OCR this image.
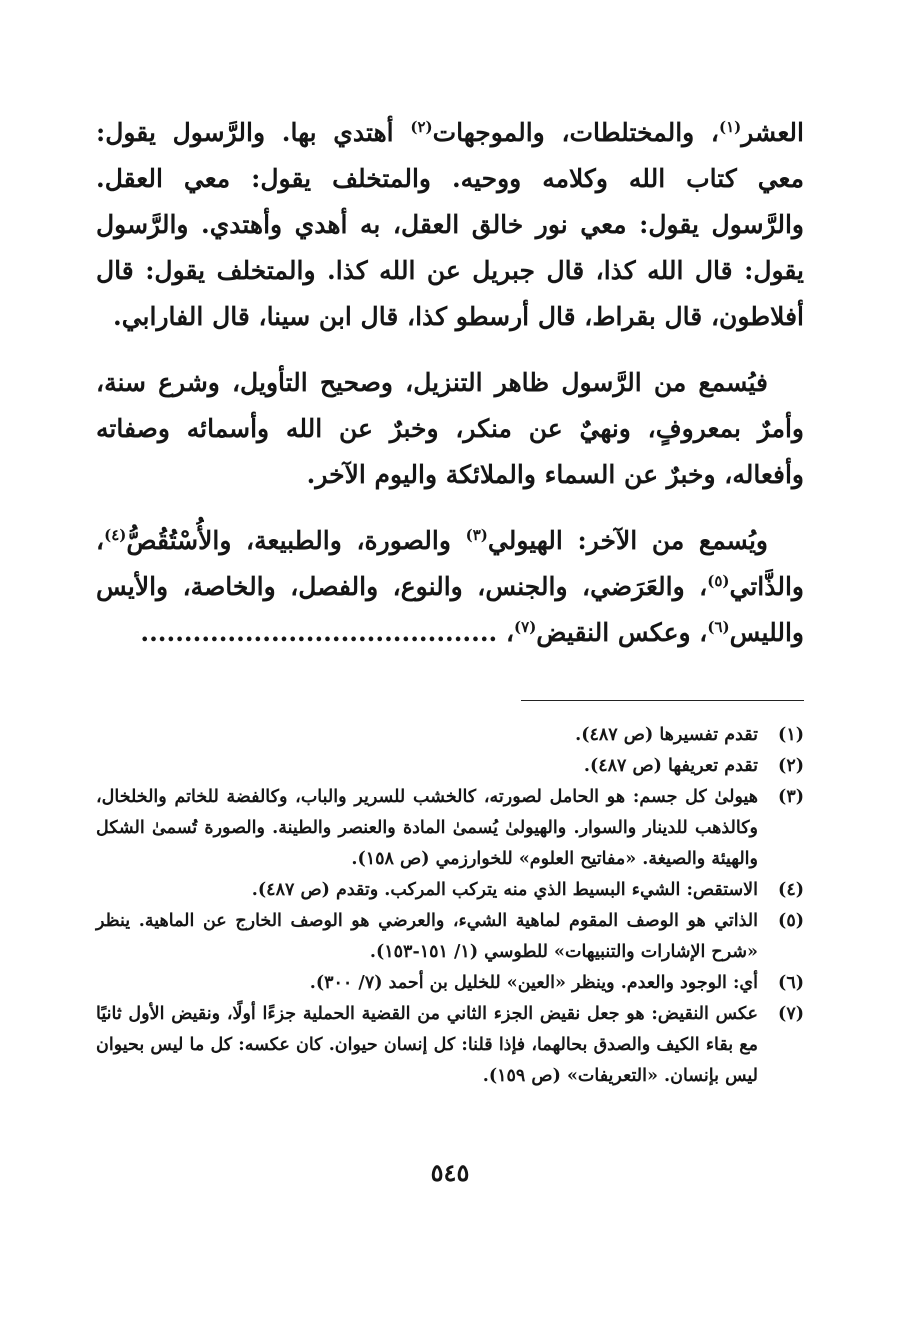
العشر$^{(١)}$، والمختلطات، والموجهات$^{(٢)}$ أهتدي بها. والرَّسول يقول: معي كتاب الله وكلامه ووحيه. والمتخلف يقول: معي العقل. والرَّسول يقول: معي نور خالق العقل، به أهدي وأهتدي. والرَّسول يقول: قال الله كذا، قال جبريل عن الله كذا. والمتخلف يقول: قال أفلاطون، قال بقراط، قال أرسطو كذا، قال ابن سينا، قال الفارابي.

فيُسمع من الرَّسول ظاهر التنزيل، وصحيح التأويل، وشرع سنة، وأمرٌ بمعروفٍ، ونهيٌ عن منكر، وخبرٌ عن الله وأسمائه وصفاته وأفعاله، وخبرٌ عن السماء والملائكة واليوم الآخر.

ويُسمع من الآخر: الهيولي$^{(٣)}$ والصورة، والطبيعة، والأُسْتُقُصُّ$^{(٤)}$، والذَّاتي$^{(٥)}$، والعَرَضي، والجنس، والنوع، والفصل، والخاصة، والأيس والليس$^{(٦)}$، وعكس النقيض$^{(٧)}$، .........................................

(١)
تقدم تفسيرها (ص ٤٨٧).
(٢)
تقدم تعريفها (ص ٤٨٧).
(٣)
هيولىٰ كل جسم: هو الحامل لصورته، كالخشب للسرير والباب، وكالفضة للخاتم والخلخال، وكالذهب للدينار والسوار. والهيولىٰ يُسمىٰ المادة والعنصر والطينة. والصورة تُسمىٰ الشكل والهيئة والصيغة. «مفاتيح العلوم» للخوارزمي (ص ١٥٨).
(٤)
الاستقص: الشيء البسيط الذي منه يتركب المركب. وتقدم (ص ٤٨٧).
(٥)
الذاتي هو الوصف المقوم لماهية الشيء، والعرضي هو الوصف الخارج عن الماهية. ينظر «شرح الإشارات والتنبيهات» للطوسي (١/ ١٥١-١٥٣).
(٦)
أي: الوجود والعدم. وينظر «العين» للخليل بن أحمد (٧/ ٣٠٠).
(٧)
عكس النقيض: هو جعل نقيض الجزء الثاني من القضية الحملية جزءًا أولًا، ونقيض الأول ثانيًا مع بقاء الكيف والصدق بحالهما، فإذا قلنا: كل إنسان حيوان. كان عكسه: كل ما ليس بحيوان ليس بإنسان. «التعريفات» (ص ١٥٩).
٥٤٥
